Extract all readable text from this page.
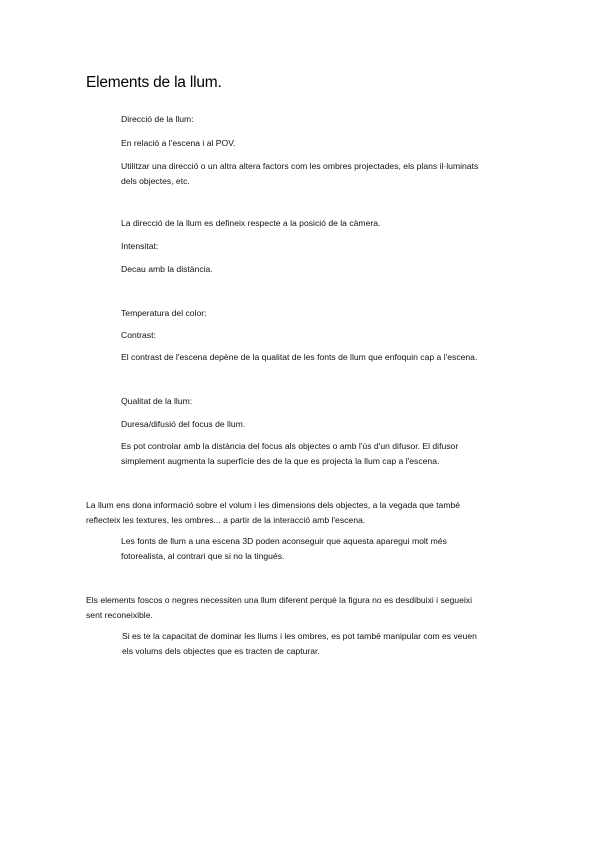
Elements de la llum.

Direcció de la llum:

En relació a l'escena i al POV.

Utilitzar una direcció o un altra altera factors com les ombres projectades, els plans il·luminats

dels objectes, etc.

La direcció de la llum es defineix respecte a la posició de la càmera.

Intensitat:

Decau amb la distància.

Temperatura del color:

Contrast:

El contrast de l'escena depène de la qualitat de les fonts de llum que enfoquin cap a l'escena.

Qualitat de la llum:

Duresa/difusió del focus de llum.

Es pot controlar amb la distància del focus als objectes o amb l'ús d'un difusor. El difusor

simplement augmenta la superfície des de la que es projecta la llum cap a l'escena.

La llum ens dona informació sobre el volum i les dimensions dels objectes, a la vegada que també

reflecteix les textures, les ombres... a partir de la interacció amb l'escena.

Les fonts de llum a una escena 3D poden aconseguir que aquesta aparegui molt més

fotorealista, al contrari que si no la tingués.

Els elements foscos o negres necessiten una llum diferent perquè la figura no es desdibuixi i segueixi

sent reconeixible.

Si es te la capacitat de dominar les llums i les ombres, es pot també manipular com es veuen

els volums dels objectes que es tracten de capturar.
